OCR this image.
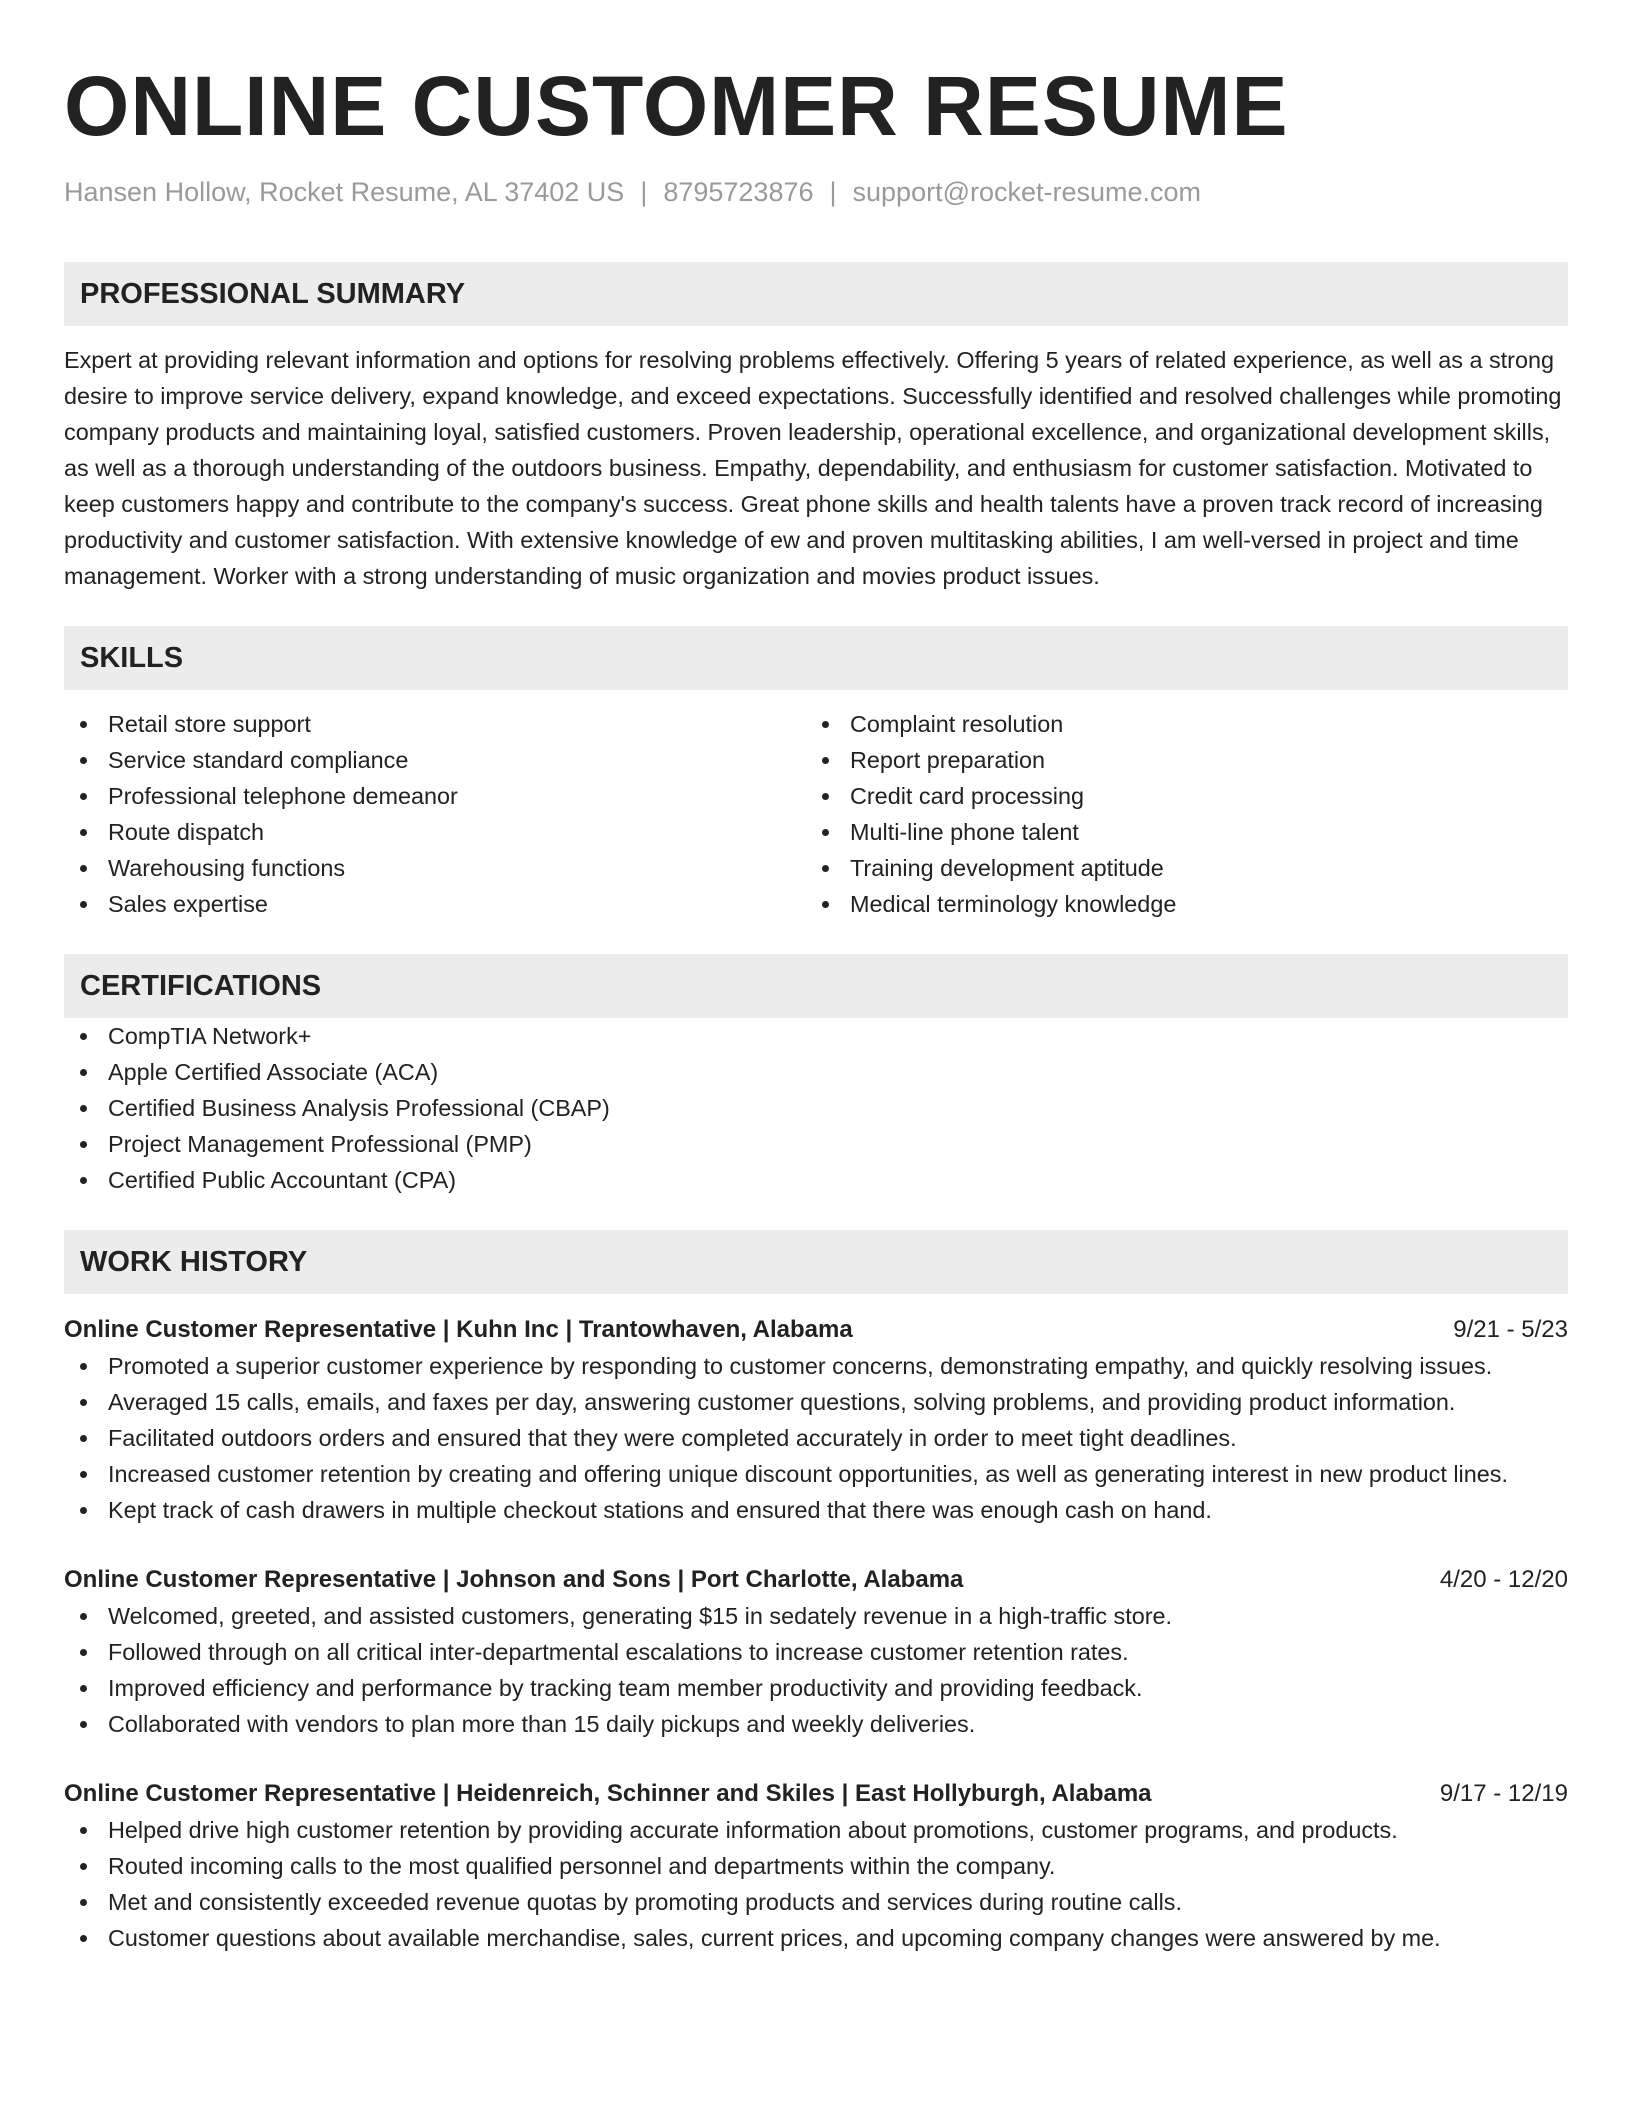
ONLINE CUSTOMER RESUME
Hansen Hollow, Rocket Resume, AL 37402 US | 8795723876 | support@rocket-resume.com
PROFESSIONAL SUMMARY

Expert at providing relevant information and options for resolving problems effectively. Offering 5 years of related experience, as well as a strong desire to improve service delivery, expand knowledge, and exceed expectations. Successfully identified and resolved challenges while promoting company products and maintaining loyal, satisfied customers. Proven leadership, operational excellence, and organizational development skills, as well as a thorough understanding of the outdoors business. Empathy, dependability, and enthusiasm for customer satisfaction. Motivated to keep customers happy and contribute to the company's success. Great phone skills and health talents have a proven track record of increasing productivity and customer satisfaction. With extensive knowledge of ew and proven multitasking abilities, I am well-versed in project and time management. Worker with a strong understanding of music organization and movies product issues.

SKILLS
Retail store support
Service standard compliance
Professional telephone demeanor
Route dispatch
Warehousing functions
Sales expertise
Complaint resolution
Report preparation
Credit card processing
Multi-line phone talent
Training development aptitude
Medical terminology knowledge
CERTIFICATIONS
CompTIA Network+
Apple Certified Associate (ACA)
Certified Business Analysis Professional (CBAP)
Project Management Professional (PMP)
Certified Public Accountant (CPA)
WORK HISTORY
Online Customer Representative | Kuhn Inc | Trantowhaven, Alabama	9/21 - 5/23
Promoted a superior customer experience by responding to customer concerns, demonstrating empathy, and quickly resolving issues.
Averaged 15 calls, emails, and faxes per day, answering customer questions, solving problems, and providing product information.
Facilitated outdoors orders and ensured that they were completed accurately in order to meet tight deadlines.
Increased customer retention by creating and offering unique discount opportunities, as well as generating interest in new product lines.
Kept track of cash drawers in multiple checkout stations and ensured that there was enough cash on hand.
Online Customer Representative | Johnson and Sons | Port Charlotte, Alabama	4/20 - 12/20
Welcomed, greeted, and assisted customers, generating $15 in sedately revenue in a high-traffic store.
Followed through on all critical inter-departmental escalations to increase customer retention rates.
Improved efficiency and performance by tracking team member productivity and providing feedback.
Collaborated with vendors to plan more than 15 daily pickups and weekly deliveries.
Online Customer Representative | Heidenreich, Schinner and Skiles | East Hollyburgh, Alabama	9/17 - 12/19
Helped drive high customer retention by providing accurate information about promotions, customer programs, and products.
Routed incoming calls to the most qualified personnel and departments within the company.
Met and consistently exceeded revenue quotas by promoting products and services during routine calls.
Customer questions about available merchandise, sales, current prices, and upcoming company changes were answered by me.
